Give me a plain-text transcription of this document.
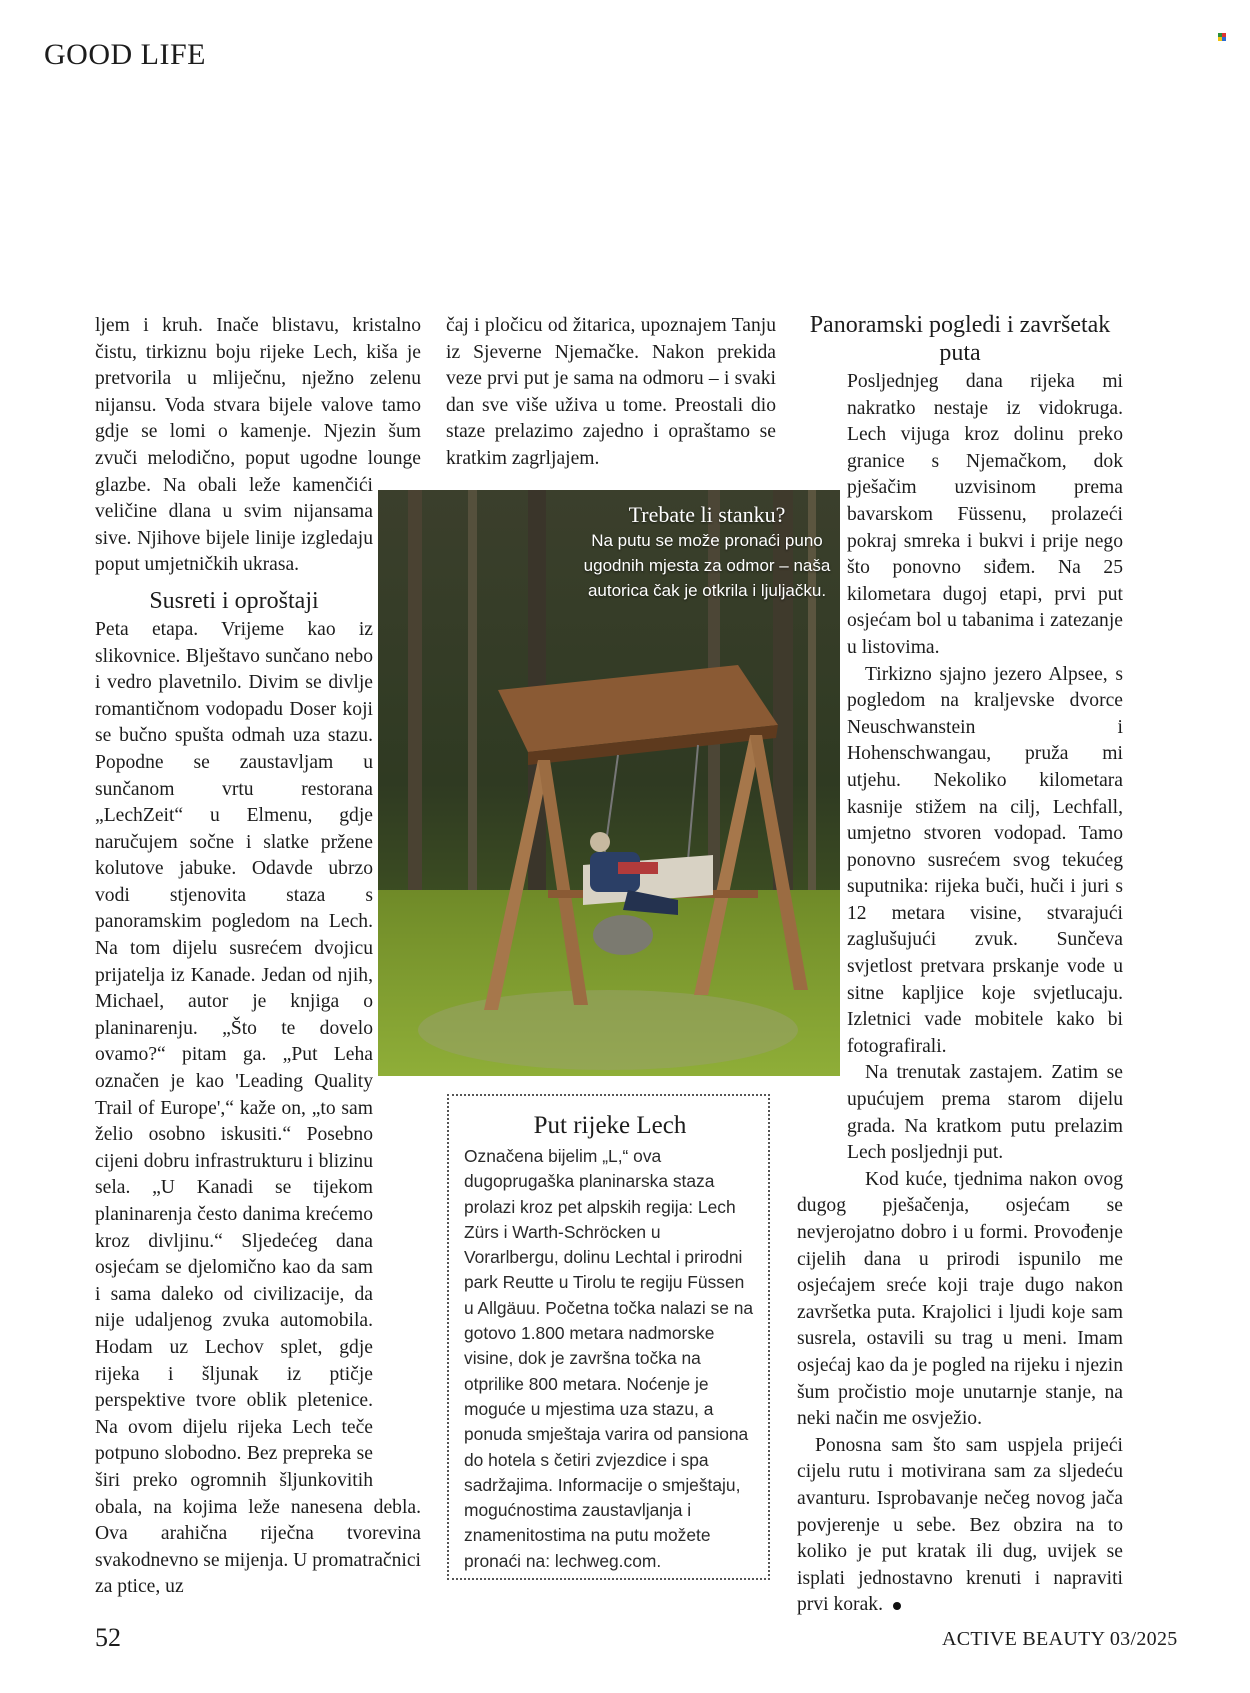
GOOD LIFE

ljem i kruh. Inače blistavu, kristalno čistu, tirkiznu boju rijeke Lech, kiša je pretvorila u mliječnu, nježno zelenu nijansu. Voda stvara bijele valove tamo gdje se lomi o kamenje. Njezin šum zvuči melodično, poput ugodne lounge glazbe. Na obali leže kamenčići veličine dlana u svim nijansama sive. Njihove bijele linije izgledaju poput umjetničkih ukrasa.

Susreti i oproštaji

Peta etapa. Vrijeme kao iz slikovnice. Blještavo sunčano nebo i vedro plavetnilo. Divim se divlje romantičnom vodopadu Doser koji se bučno spušta odmah uza stazu. Popodne se zaustavljam u sunčanom vrtu restorana „LechZeit“ u Elmenu, gdje naručujem sočne i slatke pržene kolutove jabuke. Odavde ubrzo vodi stjenovita staza s panoramskim pogledom na Lech. Na tom dijelu susrećem dvojicu prijatelja iz Kanade. Jedan od njih, Michael, autor je knjiga o planinarenju. „Što te dovelo ovamo?“ pitam ga. „Put Leha označen je kao 'Leading Quality Trail of Europe',“ kaže on, „to sam želio osobno iskusiti.“ Posebno cijeni dobru infrastrukturu i blizinu sela. „U Kanadi se tijekom planinarenja često danima krećemo kroz divljinu.“ Sljedećeg dana osjećam se djelomično kao da sam i sama daleko od civilizacije, da nije udaljenog zvuka automobila. Hodam uz Lechov splet, gdje rijeka i šljunak iz ptičje perspektive tvore oblik pletenice. Na ovom dijelu rijeka Lech teče potpuno slobodno. Bez prepreka se širi preko ogromnih šljunkovitih obala, na kojima leže nanesena debla. Ova arahična riječna tvorevina svakodnevno se mijenja. U promatračnici za ptice, uz

čaj i pločicu od žitarica, upoznajem Tanju iz Sjeverne Njemačke. Nakon prekida veze prvi put je sama na odmoru – i svaki dan sve više uživa u tome. Preostali dio staze prelazimo zajedno i opraštamo se kratkim zagrljajem.

Trebate li stanku?
Na putu se može pronaći puno ugodnih mjesta za odmor – naša autorica čak je otkrila i ljuljačku.
Put rijeke Lech
Označena bijelim „L,“ ova dugoprugaška planinarska staza prolazi kroz pet alpskih regija: Lech Zürs i Warth-Schröcken u Vorarlbergu, dolinu Lechtal i prirodni park Reutte u Tirolu te regiju Füssen u Allgäuu. Početna točka nalazi se na gotovo 1.800 metara nadmorske visine, dok je završna točka na otprilike 800 metara. Noćenje je moguće u mjestima uza stazu, a ponuda smještaja varira od pansiona do hotela s četiri zvjezdice i spa sadržajima. Informacije o smještaju, mogućnostima zaustavljanja i znamenitostima na putu možete pronaći na: lechweg.com.
Panoramski pogledi i završetak puta

Posljednjeg dana rijeka mi nakratko nestaje iz vidokruga. Lech vijuga kroz dolinu preko granice s Njemačkom, dok pješačim uzvisinom prema bavarskom Füssenu, prolazeći pokraj smreka i bukvi i prije nego što ponovno siđem. Na 25 kilometara dugoj etapi, prvi put osjećam bol u tabanima i zatezanje u listovima.

Tirkizno sjajno jezero Alpsee, s pogledom na kraljevske dvorce Neuschwanstein i Hohenschwangau, pruža mi utjehu. Nekoliko kilometara kasnije stižem na cilj, Lechfall, umjetno stvoren vodopad. Tamo ponovno susrećem svog tekućeg suputnika: rijeka buči, huči i juri s 12 metara visine, stvarajući zaglušujući zvuk. Sunčeva svjetlost pretvara prskanje vode u sitne kapljice koje svjetlucaju. Izletnici vade mobitele kako bi fotografirali.

Na trenutak zastajem. Zatim se upućujem prema starom dijelu grada. Na kratkom putu prelazim Lech posljednji put.

Kod kuće, tjednima nakon ovog dugog pješačenja, osjećam se nevjerojatno dobro i u formi. Provođenje cijelih dana u prirodi ispunilo me osjećajem sreće koji traje dugo nakon završetka puta. Krajolici i ljudi koje sam susrela, ostavili su trag u meni. Imam osjećaj kao da je pogled na rijeku i njezin šum pročistio moje unutarnje stanje, na neki način me osvježio.

Ponosna sam što sam uspjela prijeći cijelu rutu i motivirana sam za sljedeću avanturu. Isprobavanje nečeg novog jača povjerenje u sebe. Bez obzira na to koliko je put kratak ili dug, uvijek se isplati jednostavno krenuti i napraviti prvi korak.

52	ACTIVE BEAUTY 03/2025
